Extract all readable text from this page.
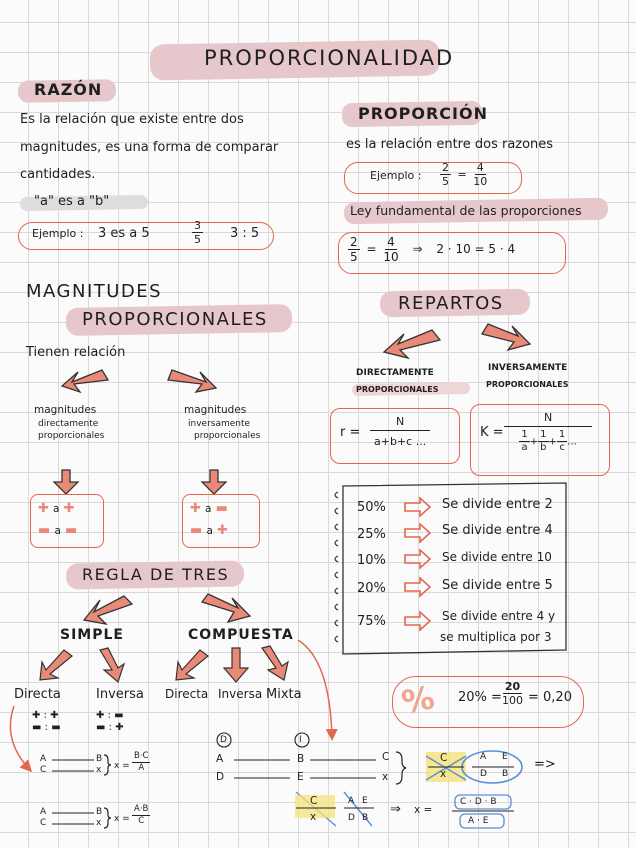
PROPORCIONALIDAD
RAZÓN
Es la relación que existe entre dos
magnitudes, es una forma de comparar
cantidades.
"a" es a "b"
Ejemplo : 3 es a 5	$\frac{3}{5} 3$ : 5
PROPORCIÓN
es la relación entre dos razones
Ejemplo : $\frac{2}{5} = \frac{4}{10}$
Ley fundamental de las proporciones
$\frac{2}{5} = \frac{4}{10}$ ⇒ 2 · 10 = 5 · 4
MAGNITUDES
PROPORCIONALES
Tienen relación
magnitudes
directamente
proporcionales
magnitudes
inversamente
proporcionales
✚ a ✚
▬ a ▬
✚ a ▬
▬ a ✚
REPARTOS
DIRECTAMENTE
PROPORCIONALES
INVERSAMENTE
PROPORCIONALES
$r = \frac{N}{a+b+c ...}$	$K = \frac{N}{\frac{1}{a} + \frac{1}{b} + \frac{1}{c} ...}$
50%	Se divide entre 2
25%	Se divide entre 4
10%	Se divide entre 10
20%	Se divide entre 5
75%	Se divide entre 4 y
se multiplica por 3
% $20\% = \frac{20}{100} = 0,20$
REGLA DE TRES
SIMPLE	COMPUESTA
Directa	Inversa Directa Inversa Mixta
✚ : ✚
▬ : ▬
✚ : ▬
▬ : ✚
A
C
B
x $x = \frac{B\cdot C}{A}$
A
C
B
x $x = \frac{A\cdot B}{C}$
D	I
A
D
B
E
C
x
C
x
A E
D B
=>
C
x
A E
D B
⇒ x =
C · D · B
A · E
